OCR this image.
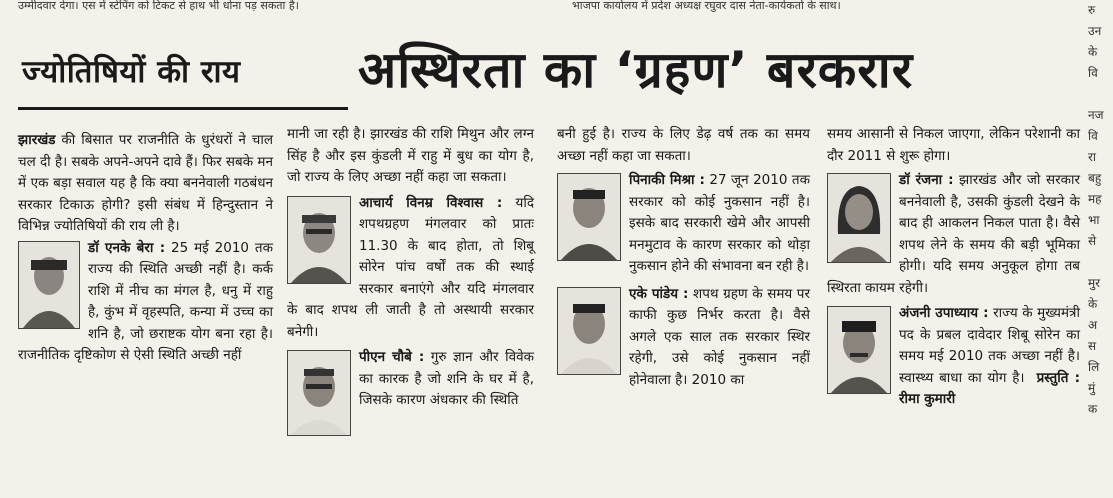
उम्मीदवार देगा। एस में स्टेपिंग को टिकट से हाथ भी धोना पड़ सकता है।	भाजपा कार्यालय में प्रदेश अध्यक्ष रघुवर दास नेता-कार्यकर्ता के साथ।
ज्योतिषियों की राय अस्थिरता का ‘ग्रहण’ बरकरार

झारखंड की बिसात पर राजनीति के धुरंधरों ने चाल चल दी है। सबके अपने-अपने दावे हैं। फिर सबके मन में एक बड़ा सवाल यह है कि क्या बननेवाली गठबंधन सरकार टिकाऊ होगी? इसी संबंध में हिन्दुस्तान ने विभिन्न ज्योतिषियों की राय ली है।

डॉ एनके बेरा : 25 मई 2010 तक राज्य की स्थिति अच्छी नहीं है। कर्क राशि में नीच का मंगल है, धनु में राहु है, कुंभ में वृहस्पति, कन्या में उच्च का शनि है, जो छराष्टक योग बना रहा है। राजनीतिक दृष्टिकोण से ऐसी स्थिति अच्छी नहीं

मानी जा रही है। झारखंड की राशि मिथुन और लग्न सिंह है और इस कुंडली में राहु में बुध का योग है, जो राज्य के लिए अच्छा नहीं कहा जा सकता।

आचार्य विनम्र विश्वास : यदि शपथग्रहण मंगलवार को प्रातः 11.30 के बाद होता, तो शिबू सोरेन पांच वर्षों तक की स्थाई सरकार बनाएंगे और यदि मंगलवार के बाद शपथ ली जाती है तो अस्थायी सरकार बनेगी।

पीएन चौबे : गुरु ज्ञान और विवेक का कारक है जो शनि के घर में है, जिसके कारण अंधकार की स्थिति

बनी हुई है। राज्य के लिए डेढ़ वर्ष तक का समय अच्छा नहीं कहा जा सकता।

पिनाकी मिश्रा : 27 जून 2010 तक सरकार को कोई नुकसान नहीं है। इसके बाद सरकारी खेमे और आपसी मनमुटाव के कारण सरकार को थोड़ा नुकसान होने की संभावना बन रही है।

एके पांडेय : शपथ ग्रहण के समय पर काफी कुछ निर्भर करता है। वैसे अगले एक साल तक सरकार स्थिर रहेगी, उसे कोई नुकसान नहीं होनेवाला है। 2010 का

समय आसानी से निकल जाएगा, लेकिन परेशानी का दौर 2011 से शुरू होगा।

डॉ रंजना : झारखंड और जो सरकार बननेवाली है, उसकी कुंडली देखने के बाद ही आकलन निकल पाता है। वैसे शपथ लेने के समय की बड़ी भूमिका होगी। यदि समय अनुकूल होगा तब स्थिरता कायम रहेगी।

अंजनी उपाध्याय : राज्य के मुख्यमंत्री पद के प्रबल दावेदार शिबू सोरेन का समय मई 2010 तक अच्छा नहीं है। स्वास्थ्य बाधा का योग है। प्रस्तुति : रीमा कुमारी

रु
उन
के
वि

नज
वि
रा
बहु
मह
भा
से

मुर
के
अ
स
लि
मुं
क
